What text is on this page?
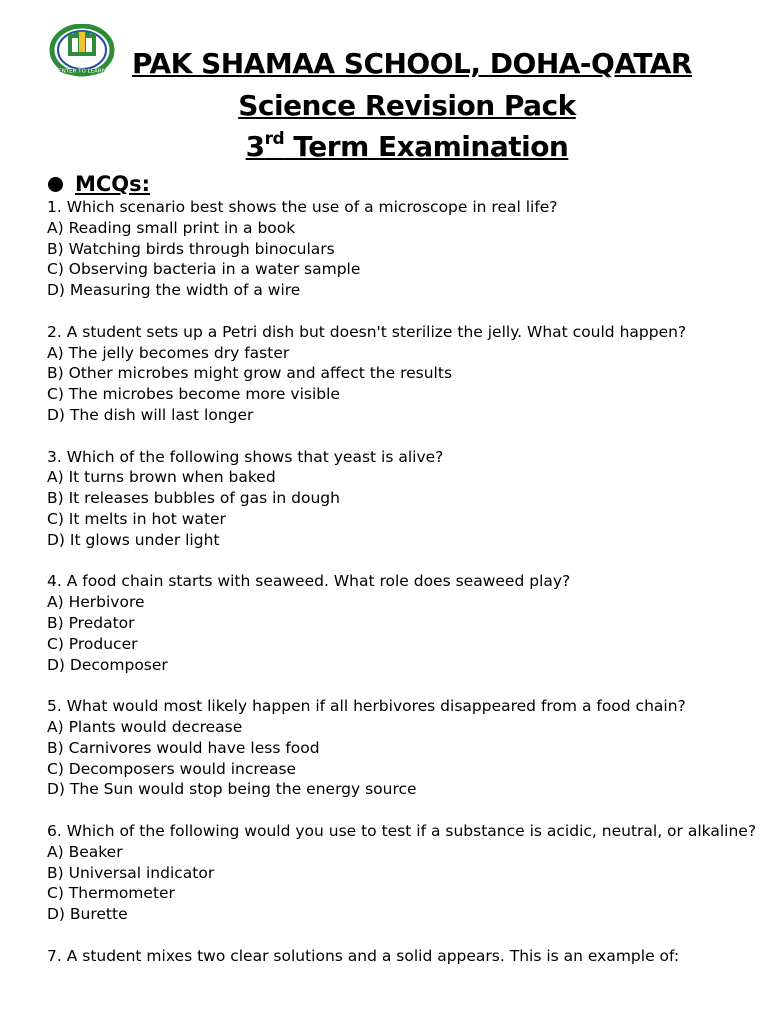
ENTER TO LEARN PAK SHAMAA SCHOOL, DOHA-QATAR
Science Revision Pack
3rd Term Examination
MCQs:
1. Which scenario best shows the use of a microscope in real life?
A) Reading small print in a book
B) Watching birds through binoculars
C) Observing bacteria in a water sample
D) Measuring the width of a wire
2. A student sets up a Petri dish but doesn't sterilize the jelly. What could happen?
A) The jelly becomes dry faster
B) Other microbes might grow and affect the results
C) The microbes become more visible
D) The dish will last longer
3. Which of the following shows that yeast is alive?
A) It turns brown when baked
B) It releases bubbles of gas in dough
C) It melts in hot water
D) It glows under light
4. A food chain starts with seaweed. What role does seaweed play?
A) Herbivore
B) Predator
C) Producer
D) Decomposer
5. What would most likely happen if all herbivores disappeared from a food chain?
A) Plants would decrease
B) Carnivores would have less food
C) Decomposers would increase
D) The Sun would stop being the energy source
6. Which of the following would you use to test if a substance is acidic, neutral, or alkaline?
A) Beaker
B) Universal indicator
C) Thermometer
D) Burette
7. A student mixes two clear solutions and a solid appears. This is an example of:
